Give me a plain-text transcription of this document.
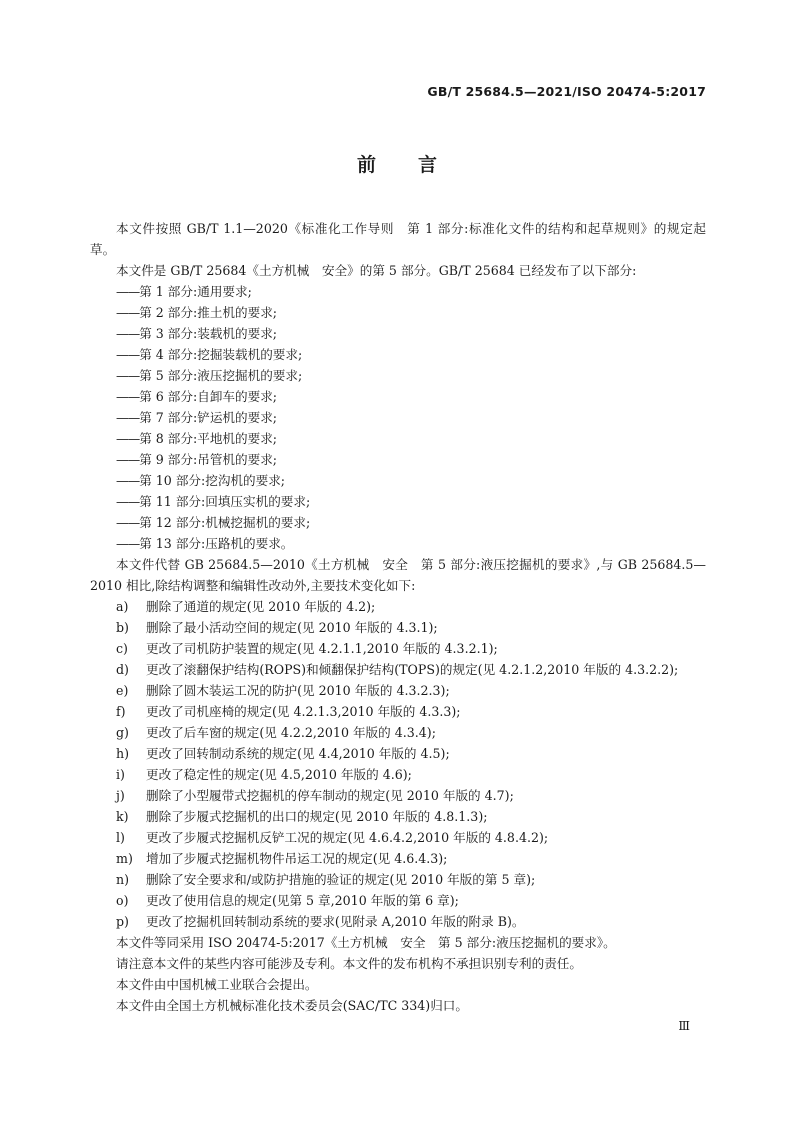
GB/T 25684.5—2021/ISO 20474-5:2017
前言

本文件按照 GB/T 1.1—2020《标准化工作导则　第 1 部分:标准化文件的结构和起草规则》的规定起草。

本文件是 GB/T 25684《土方机械　安全》的第 5 部分。GB/T 25684 已经发布了以下部分:

——第 1 部分:通用要求;
——第 2 部分:推土机的要求;
——第 3 部分:装载机的要求;
——第 4 部分:挖掘装载机的要求;
——第 5 部分:液压挖掘机的要求;
——第 6 部分:自卸车的要求;
——第 7 部分:铲运机的要求;
——第 8 部分:平地机的要求;
——第 9 部分:吊管机的要求;
——第 10 部分:挖沟机的要求;
——第 11 部分:回填压实机的要求;
——第 12 部分:机械挖掘机的要求;
——第 13 部分:压路机的要求。

本文件代替 GB 25684.5—2010《土方机械　安全　第 5 部分:液压挖掘机的要求》,与 GB 25684.5—2010 相比,除结构调整和编辑性改动外,主要技术变化如下:

a) 删除了通道的规定(见 2010 年版的 4.2);
b) 删除了最小活动空间的规定(见 2010 年版的 4.3.1);
c) 更改了司机防护装置的规定(见 4.2.1.1,2010 年版的 4.3.2.1);
d) 更改了滚翻保护结构(ROPS)和倾翻保护结构(TOPS)的规定(见 4.2.1.2,2010 年版的 4.3.2.2);
e) 删除了圆木装运工况的防护(见 2010 年版的 4.3.2.3);
f) 更改了司机座椅的规定(见 4.2.1.3,2010 年版的 4.3.3);
g) 更改了后车窗的规定(见 4.2.2,2010 年版的 4.3.4);
h) 更改了回转制动系统的规定(见 4.4,2010 年版的 4.5);
i) 更改了稳定性的规定(见 4.5,2010 年版的 4.6);
j) 删除了小型履带式挖掘机的停车制动的规定(见 2010 年版的 4.7);
k) 删除了步履式挖掘机的出口的规定(见 2010 年版的 4.8.1.3);
l) 更改了步履式挖掘机反铲工况的规定(见 4.6.4.2,2010 年版的 4.8.4.2);
m) 增加了步履式挖掘机物件吊运工况的规定(见 4.6.4.3);
n) 删除了安全要求和/或防护措施的验证的规定(见 2010 年版的第 5 章);
o) 更改了使用信息的规定(见第 5 章,2010 年版的第 6 章);
p) 更改了挖掘机回转制动系统的要求(见附录 A,2010 年版的附录 B)。

本文件等同采用 ISO 20474-5:2017《土方机械　安全　第 5 部分:液压挖掘机的要求》。

请注意本文件的某些内容可能涉及专利。本文件的发布机构不承担识别专利的责任。

本文件由中国机械工业联合会提出。

本文件由全国土方机械标准化技术委员会(SAC/TC 334)归口。

Ⅲ
